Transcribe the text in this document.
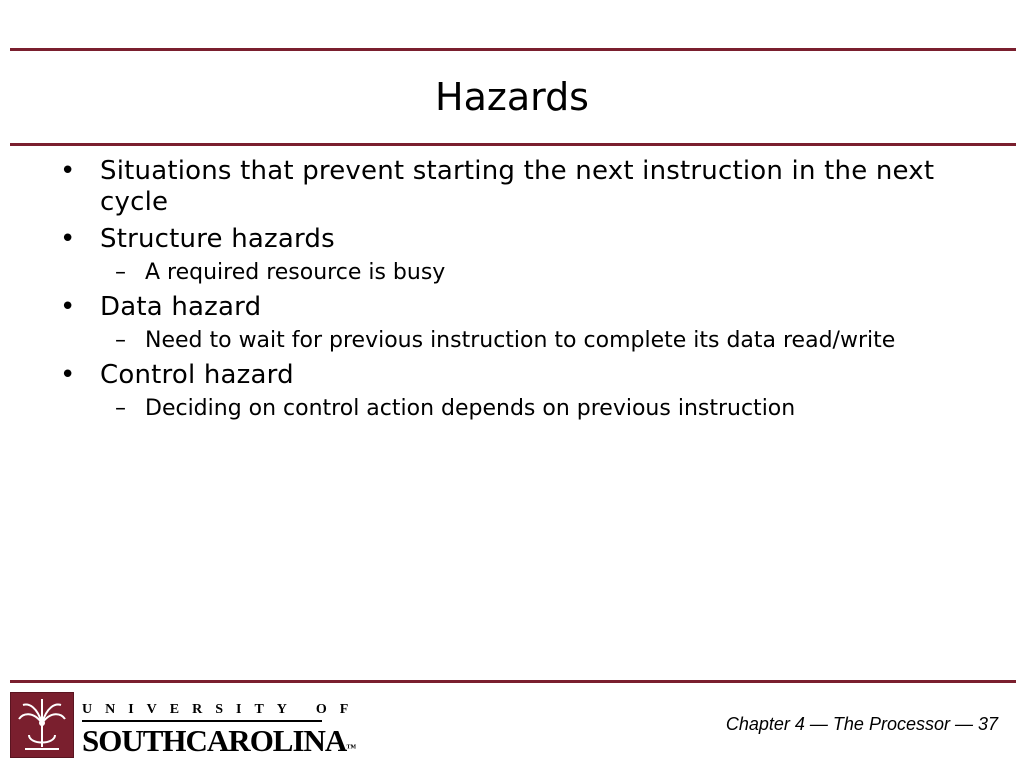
Hazards
• Situations that prevent starting the next instruction in the next cycle
• Structure hazards
– A required resource is busy
• Data hazard
– Need to wait for previous instruction to complete its data read/write
• Control hazard
– Deciding on control action depends on previous instruction
UNIVERSITY OF
SOUTHCAROLINA™
Chapter 4 — The Processor — 37
